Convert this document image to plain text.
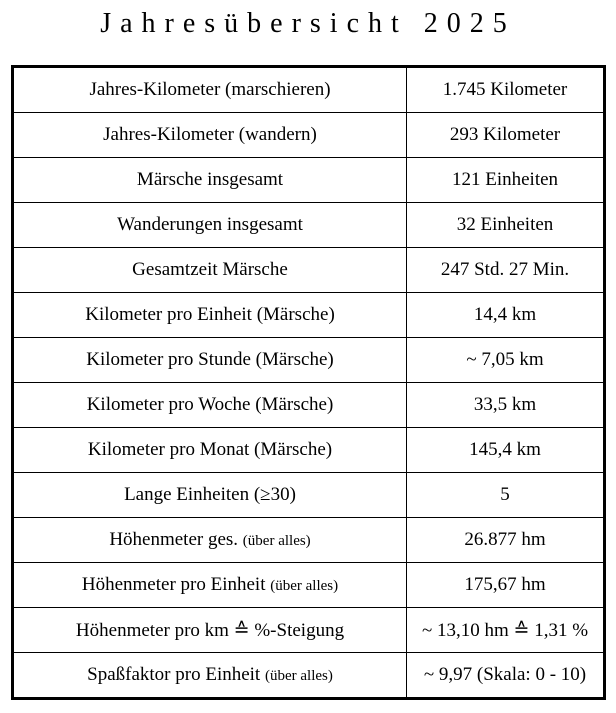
Jahresübersicht 2025
Jahres-Kilometer (marschieren)	1.745 Kilometer
Jahres-Kilometer (wandern)	293 Kilometer
Märsche insgesamt	121 Einheiten
Wanderungen insgesamt	32 Einheiten
Gesamtzeit Märsche	247 Std. 27 Min.
Kilometer pro Einheit (Märsche)	14,4 km
Kilometer pro Stunde (Märsche)	~ 7,05 km
Kilometer pro Woche (Märsche)	33,5 km
Kilometer pro Monat (Märsche)	145,4 km
Lange Einheiten (≥30)	5
Höhenmeter ges. (über alles)	26.877 hm
Höhenmeter pro Einheit (über alles)	175,67 hm
Höhenmeter pro km ≙ %-Steigung	~ 13,10 hm ≙ 1,31 %
Spaßfaktor pro Einheit (über alles)	~ 9,97 (Skala: 0 - 10)
